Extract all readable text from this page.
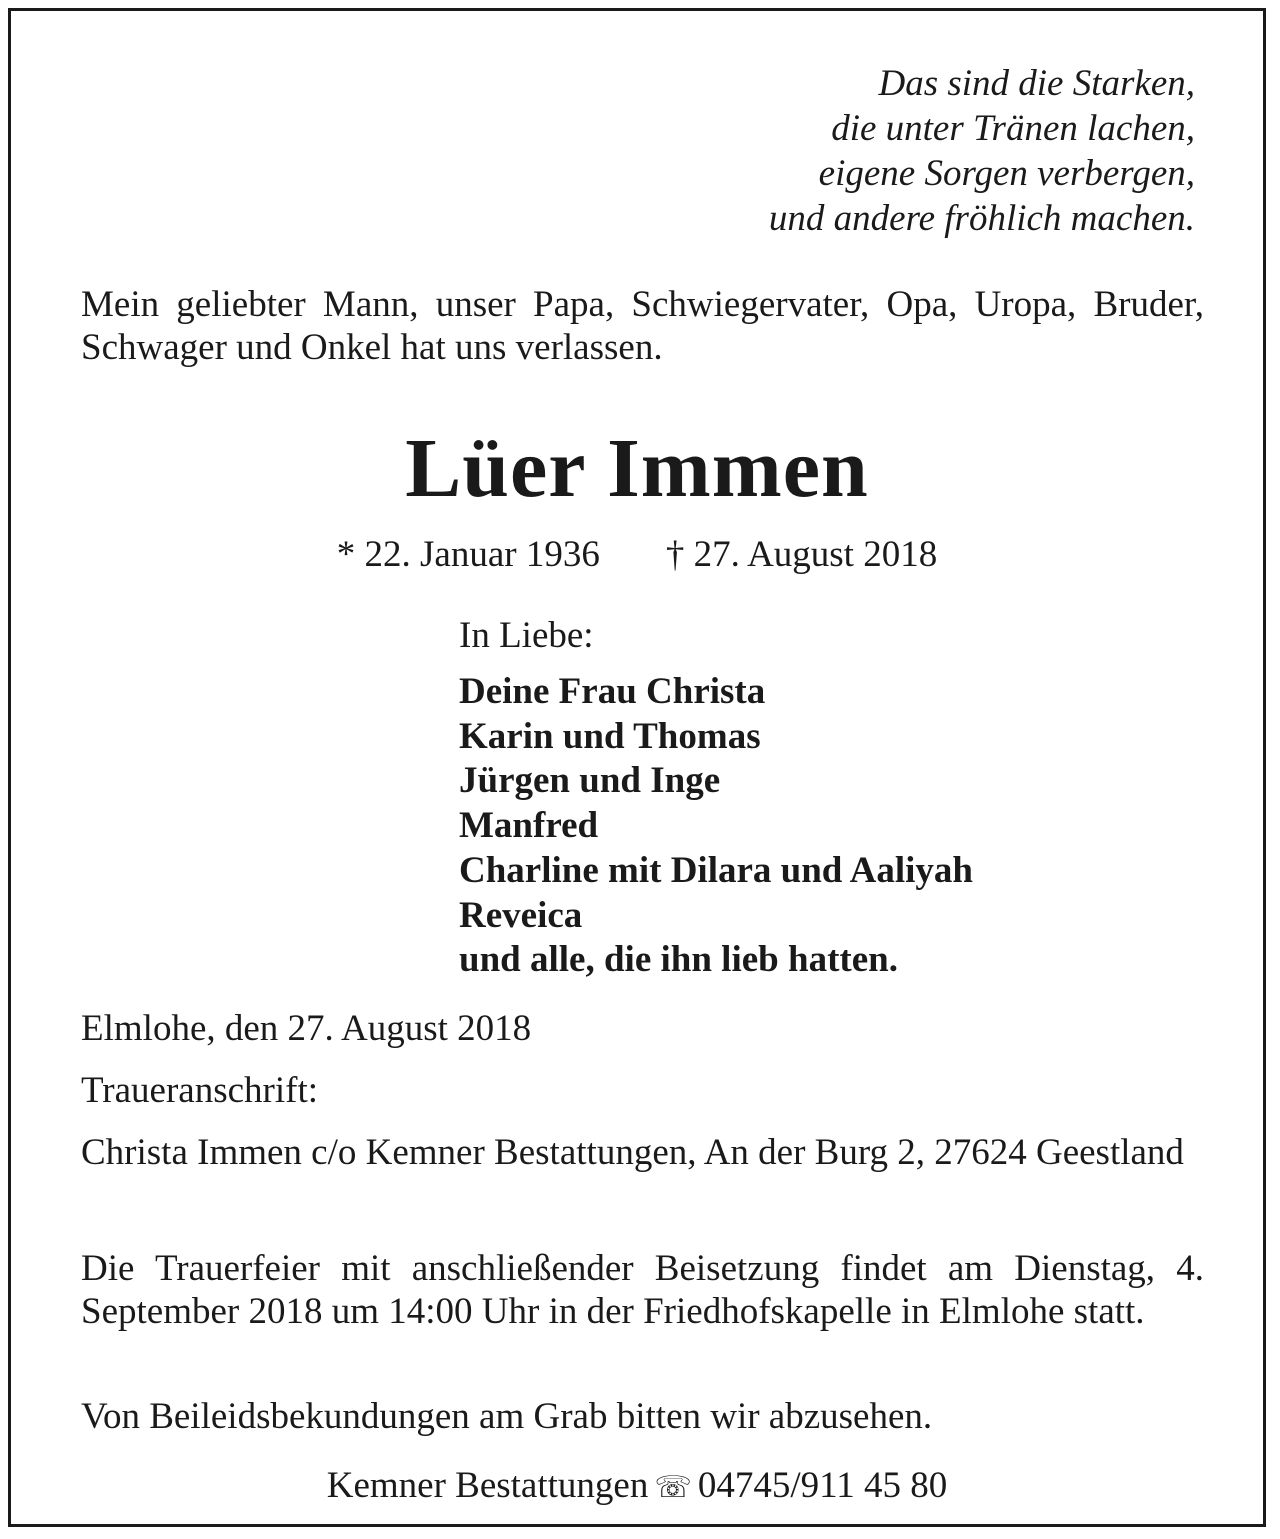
Das sind die Starken,
die unter Tränen lachen,
eigene Sorgen verbergen,
und andere fröhlich machen.
Mein geliebter Mann, unser Papa, Schwiegervater, Opa, Uropa, Bruder, Schwager und Onkel hat uns verlassen.
Lüer Immen
* 22. Januar 1936 † 27. August 2018
In Liebe:
Deine Frau Christa
Karin und Thomas
Jürgen und Inge
Manfred
Charline mit Dilara und Aaliyah
Reveica
und alle, die ihn lieb hatten.
Elmlohe, den 27. August 2018
Traueranschrift:
Christa Immen c/o Kemner Bestattungen, An der Burg 2, 27624 Geestland
Die Trauerfeier mit anschließender Beisetzung findet am Dienstag, 4. September 2018 um 14:00 Uhr in der Friedhofskapelle in Elmlohe statt.
Von Beileidsbekundungen am Grab bitten wir abzusehen.
Kemner Bestattungen ☏ 04745/911 45 80
